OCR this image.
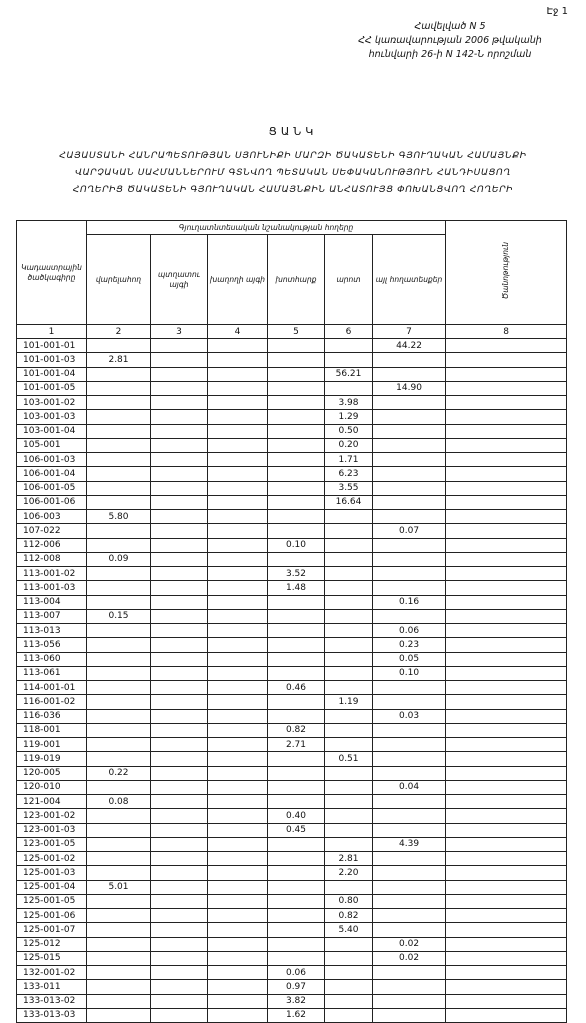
Էջ 1
Հավելված N 5
ՀՀ կառավարության 2006 թվականի
հունվարի 26-ի N 142-Ն որոշման
ՑԱՆԿ
ՀԱՅԱՍՏԱՆԻ ՀԱՆՐԱՊԵՏՈՒԹՅԱՆ ՍՅՈՒՆԻՔԻ ՄԱՐԶԻ ԾԱԿԱՏԵՆԻ ԳՅՈՒՂԱԿԱՆ ՀԱՄԱՅՆՔԻ
ՎԱՐՉԱԿԱՆ ՍԱՀՄԱՆՆԵՐՈՒՄ ԳՏՆՎՈՂ ՊԵՏԱԿԱՆ ՍԵՓԱԿԱՆՈՒԹՅՈՒՆ ՀԱՆԴԻՍԱՑՈՂ
ՀՈՂԵՐԻՑ ԾԱԿԱՏԵՆԻ ԳՅՈՒՂԱԿԱՆ ՀԱՄԱՅՆՔԻՆ ԱՆՀԱՏՈՒՅՑ ՓՈԽԱՆՑՎՈՂ ՀՈՂԵՐԻ
Կադաստրային ծածկագիրը	Գյուղատնտեսական նշանակության հողերը						Ծանոթություն
	վարելահող	պտղատու այգի	խաղողի այգի	խոտհարք	արոտ	այլ հողատեսքեր	
1	2	3	4	5	6	7	8
101-001-01						44.22	
101-001-03	2.81						
101-001-04					56.21		
101-001-05						14.90	
103-001-02					3.98		
103-001-03					1.29		
103-001-04					0.50		
105-001					0.20		
106-001-03					1.71		
106-001-04					6.23		
106-001-05					3.55		
106-001-06					16.64		
106-003	5.80						
107-022						0.07	
112-006				0.10			
112-008	0.09						
113-001-02				3.52			
113-001-03				1.48			
113-004						0.16	
113-007	0.15						
113-013						0.06	
113-056						0.23	
113-060						0.05	
113-061						0.10	
114-001-01				0.46			
116-001-02					1.19		
116-036						0.03	
118-001				0.82			
119-001				2.71			
119-019					0.51		
120-005	0.22						
120-010						0.04	
121-004	0.08						
123-001-02				0.40			
123-001-03				0.45			
123-001-05						4.39	
125-001-02					2.81		
125-001-03					2.20		
125-001-04	5.01						
125-001-05					0.80		
125-001-06					0.82		
125-001-07					5.40		
125-012						0.02	
125-015						0.02	
132-001-02				0.06			
133-011				0.97			
133-013-02				3.82			
133-013-03				1.62			
